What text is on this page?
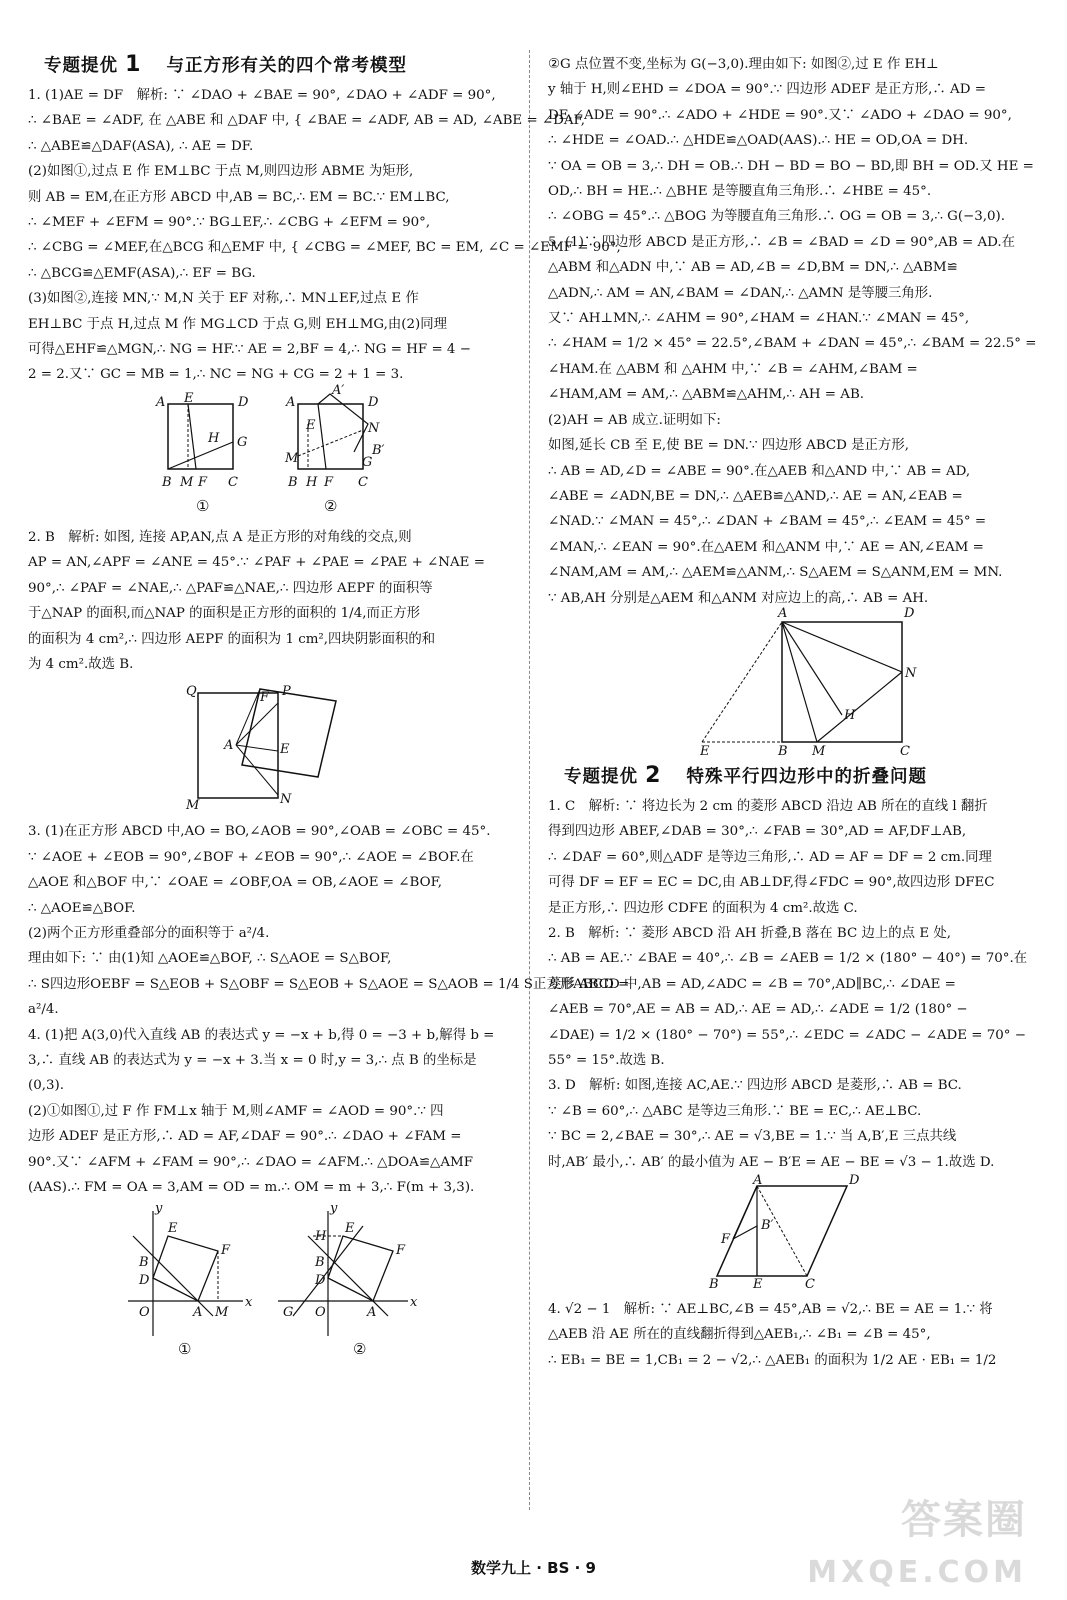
专题提优 1 与正方形有关的四个常考模型

1. (1)AE = DF　解析: ∵ ∠DAO + ∠BAE = 90°, ∠DAO + ∠ADF = 90°,

∴ ∠BAE = ∠ADF, 在 △ABE 和 △DAF 中, { ∠BAE = ∠ADF, AB = AD, ∠ABE = ∠DAF,

∴ △ABE≌△DAF(ASA), ∴ AE = DF.

(2)如图①,过点 E 作 EM⊥BC 于点 M,则四边形 ABME 为矩形,

则 AB = EM,在正方形 ABCD 中,AB = BC,∴ EM = BC.∵ EM⊥BC,

∴ ∠MEF + ∠EFM = 90°.∵ BG⊥EF,∴ ∠CBG + ∠EFM = 90°,

∴ ∠CBG = ∠MEF,在△BCG 和△EMF 中, { ∠CBG = ∠MEF, BC = EM, ∠C = ∠EMF = 90°,

∴ △BCG≌△EMF(ASA),∴ EF = BG.

(3)如图②,连接 MN,∵ M,N 关于 EF 对称,∴ MN⊥EF,过点 E 作

EH⊥BC 于点 H,过点 M 作 MG⊥CD 于点 G,则 EH⊥MG,由(2)同理

可得△EHF≌△MGN,∴ NG = HF.∵ AE = 2,BF = 4,∴ NG = HF = 4 −

2 = 2.又∵ GC = MB = 1,∴ NC = NG + CG = 2 + 1 = 3.

A E	D
H G
B M F C
A
A′
D
E	N
B′
M	G
B H F C
①	②

2. B　解析: 如图, 连接 AP,AN,点 A 是正方形的对角线的交点,则

AP = AN,∠APF = ∠ANE = 45°.∵ ∠PAF + ∠PAE = ∠PAE + ∠NAE =

90°,∴ ∠PAF = ∠NAE,∴ △PAF≌△NAE,∴ 四边形 AEPF 的面积等

于△NAP 的面积,而△NAP 的面积是正方形的面积的 1/4,而正方形

的面积为 4 cm²,∴ 四边形 AEPF 的面积为 1 cm²,四块阴影面积的和

为 4 cm².故选 B.

Q	F P
A	E
M	N

3. (1)在正方形 ABCD 中,AO = BO,∠AOB = 90°,∠OAB = ∠OBC = 45°.

∵ ∠AOE + ∠EOB = 90°,∠BOF + ∠EOB = 90°,∴ ∠AOE = ∠BOF.在

△AOE 和△BOF 中,∵ ∠OAE = ∠OBF,OA = OB,∠AOE = ∠BOF,

∴ △AOE≌△BOF.

(2)两个正方形重叠部分的面积等于 a²/4.

理由如下: ∵ 由(1)知 △AOE≌△BOF, ∴ S△AOE = S△BOF,

∴ S四边形OEBF = S△EOB + S△OBF = S△EOB + S△AOE = S△AOB = 1/4 S正方形ABCD =

a²/4.

4. (1)把 A(3,0)代入直线 AB 的表达式 y = −x + b,得 0 = −3 + b,解得 b =

3,∴ 直线 AB 的表达式为 y = −x + 3.当 x = 0 时,y = 3,∴ 点 B 的坐标是

(0,3).

(2)①如图①,过 F 作 FM⊥x 轴于 M,则∠AMF = ∠AOD = 90°.∵ 四

边形 ADEF 是正方形,∴ AD = AF,∠DAF = 90°.∴ ∠DAO + ∠FAM =

90°.又∵ ∠AFM + ∠FAM = 90°,∴ ∠DAO = ∠AFM.∴ △DOA≌△AMF

(AAS).∴ FM = OA = 3,AM = OD = m.∴ OM = m + 3,∴ F(m + 3,3).

y
x
E
F
B
D
O	A M
y
x
E
F
H
B
D
G O	A
①	②

②G 点位置不变,坐标为 G(−3,0).理由如下: 如图②,过 E 作 EH⊥

y 轴于 H,则∠EHD = ∠DOA = 90°.∵ 四边形 ADEF 是正方形,∴ AD =

DE,∠ADE = 90°.∴ ∠ADO + ∠HDE = 90°.又∵ ∠ADO + ∠DAO = 90°,

∴ ∠HDE = ∠OAD.∴ △HDE≌△OAD(AAS).∴ HE = OD,OA = DH.

∵ OA = OB = 3,∴ DH = OB.∴ DH − BD = BO − BD,即 BH = OD.又 HE =

OD,∴ BH = HE.∴ △BHE 是等腰直角三角形.∴ ∠HBE = 45°.

∴ ∠OBG = 45°.∴ △BOG 为等腰直角三角形.∴ OG = OB = 3,∴ G(−3,0).

5. (1)∵ 四边形 ABCD 是正方形,∴ ∠B = ∠BAD = ∠D = 90°,AB = AD.在

△ABM 和△ADN 中,∵ AB = AD,∠B = ∠D,BM = DN,∴ △ABM≌

△ADN,∴ AM = AN,∠BAM = ∠DAN,∴ △AMN 是等腰三角形.

又∵ AH⊥MN,∴ ∠AHM = 90°,∠HAM = ∠HAN.∵ ∠MAN = 45°,

∴ ∠HAM = 1/2 × 45° = 22.5°,∠BAM + ∠DAN = 45°,∴ ∠BAM = 22.5° =

∠HAM.在 △ABM 和 △AHM 中,∵ ∠B = ∠AHM,∠BAM =

∠HAM,AM = AM,∴ △ABM≌△AHM,∴ AH = AB.

(2)AH = AB 成立.证明如下:

如图,延长 CB 至 E,使 BE = DN.∵ 四边形 ABCD 是正方形,

∴ AB = AD,∠D = ∠ABE = 90°.在△AEB 和△AND 中,∵ AB = AD,

∠ABE = ∠ADN,BE = DN,∴ △AEB≌△AND,∴ AE = AN,∠EAB =

∠NAD.∵ ∠MAN = 45°,∴ ∠DAN + ∠BAM = 45°,∴ ∠EAM = 45° =

∠MAN,∴ ∠EAN = 90°.在△AEM 和△ANM 中,∵ AE = AN,∠EAM =

∠NAM,AM = AM,∴ △AEM≌△ANM,∴ S△AEM = S△ANM,EM = MN.

∵ AB,AH 分别是△AEM 和△ANM 对应边上的高,∴ AB = AH.

A	D
N
H
E	B M	C
专题提优 2 特殊平行四边形中的折叠问题

1. C　解析: ∵ 将边长为 2 cm 的菱形 ABCD 沿边 AB 所在的直线 l 翻折

得到四边形 ABEF,∠DAB = 30°,∴ ∠FAB = 30°,AD = AF,DF⊥AB,

∴ ∠DAF = 60°,则△ADF 是等边三角形,∴ AD = AF = DF = 2 cm.同理

可得 DF = EF = EC = DC,由 AB⊥DF,得∠FDC = 90°,故四边形 DFEC

是正方形,∴ 四边形 CDFE 的面积为 4 cm².故选 C.

2. B　解析: ∵ 菱形 ABCD 沿 AH 折叠,B 落在 BC 边上的点 E 处,

∴ AB = AE.∵ ∠BAE = 40°,∴ ∠B = ∠AEB = 1/2 × (180° − 40°) = 70°.在

菱形 ABCD 中,AB = AD,∠ADC = ∠B = 70°,AD∥BC,∴ ∠DAE =

∠AEB = 70°,AE = AB = AD,∴ AE = AD,∴ ∠ADE = 1/2 (180° −

∠DAE) = 1/2 × (180° − 70°) = 55°,∴ ∠EDC = ∠ADC − ∠ADE = 70° −

55° = 15°.故选 B.

3. D　解析: 如图,连接 AC,AE.∵ 四边形 ABCD 是菱形,∴ AB = BC.

∵ ∠B = 60°,∴ △ABC 是等边三角形.∵ BE = EC,∴ AE⊥BC.

∵ BC = 2,∠BAE = 30°,∴ AE = √3,BE = 1.∵ 当 A,B′,E 三点共线

时,AB′ 最小,∴ AB′ 的最小值为 AE − B′E = AE − BE = √3 − 1.故选 D.

A	D
F
B′
B	E	C

4. √2 − 1　解析: ∵ AE⊥BC,∠B = 45°,AB = √2,∴ BE = AE = 1.∵ 将

△AEB 沿 AE 所在的直线翻折得到△AEB₁,∴ ∠B₁ = ∠B = 45°,

∴ EB₁ = BE = 1,CB₁ = 2 − √2,∴ △AEB₁ 的面积为 1/2 AE · EB₁ = 1/2

答案圈
MXQE.COM
数学九上 · BS · 9
